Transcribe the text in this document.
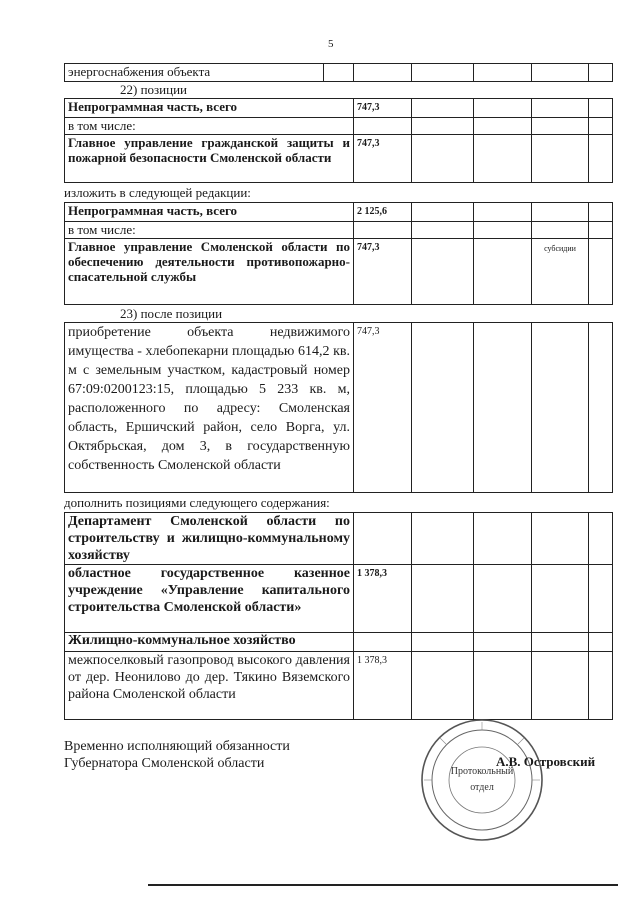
5
энергоснабжения объекта						
22) позиции
Непрограммная часть, всего	747,3				
в том числе:					
Главное управление гражданской защиты и пожарной безопасности Смоленской области	747,3				
изложить в следующей редакции:
Непрограммная часть, всего	2 125,6				
в том числе:					
Главное управление Смоленской области по обеспечению деятельности противопожарно-спасательной службы	747,3			субсидии	
23) после позиции
приобретение объекта недвижимого имущества - хлебопекарни площадью 614,2 кв. м с земельным участком, кадастровый номер 67:09:0200123:15, площадью 5 233 кв. м, расположенного по адресу: Смоленская область, Ершичский район, село Ворга, ул. Октябрьская, дом 3, в государственную собственность Смоленской области	747,3				
дополнить позициями следующего содержания:
Департамент Смоленской области по строительству и жилищно-коммунальному хозяйству					
областное государственное казенное учреждение «Управление капитального строительства Смоленской области»	1 378,3				
Жилищно-коммунальное хозяйство					
межпоселковый газопровод высокого давления от дер. Неонилово до дер. Тякино Вяземского района Смоленской области	1 378,3				
Временно исполняющий обязанности
Губернатора Смоленской области
Протокольный
отдел
А.В. Островский
